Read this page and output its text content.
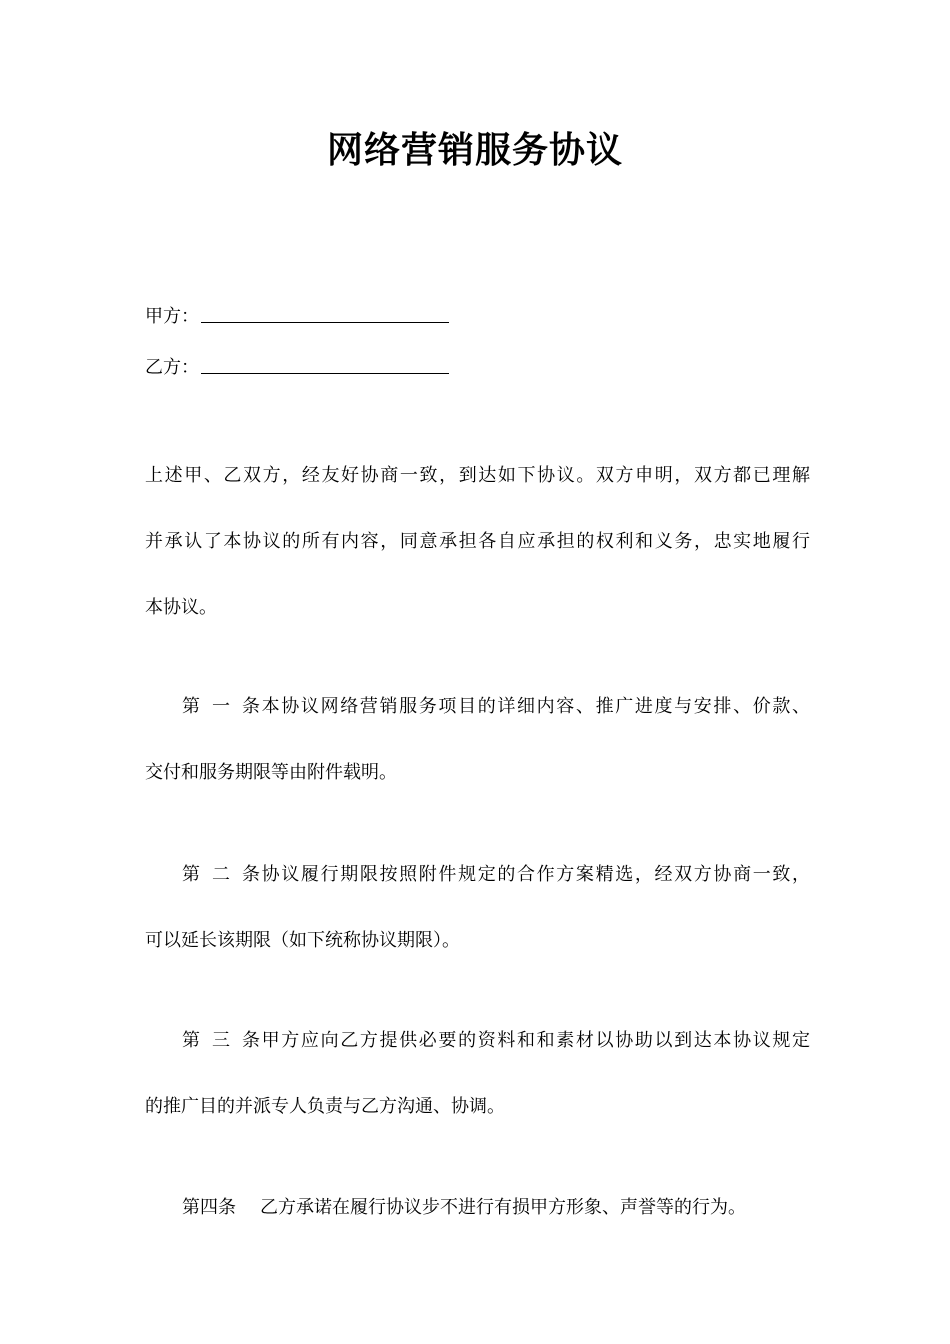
网络营销服务协议
甲方：
乙方：
上述甲、乙双方，经友好协商一致，到达如下协议。双方申明，双方都已理解
并承认了本协议的所有内容，同意承担各自应承担的权利和义务，忠实地履行
本协议。
第一条本协议网络营销服务项目的详细内容、推广进度与安排、价款、
交付和服务期限等由附件载明。
第二条协议履行期限按照附件规定的合作方案精选，经双方协商一致，
可以延长该期限（如下统称协议期限）。
第三条甲方应向乙方提供必要的资料和和素材以协助以到达本协议规定
的推广目的并派专人负责与乙方沟通、协调。
第四条 乙方承诺在履行协议步不进行有损甲方形象、声誉等的行为。
